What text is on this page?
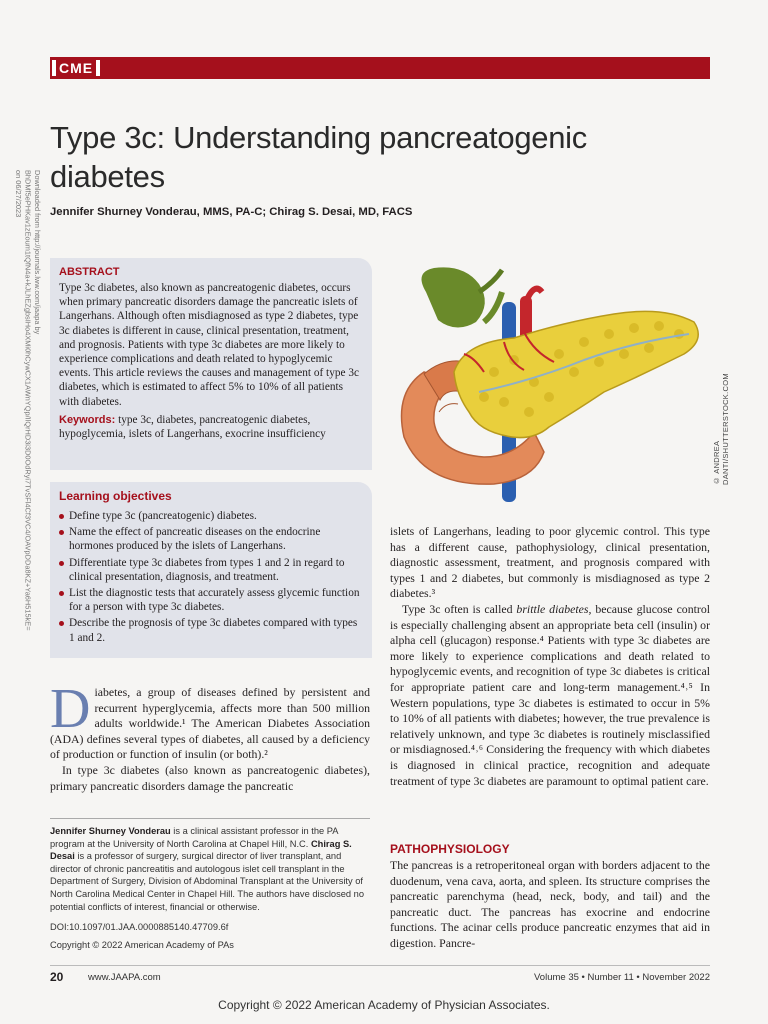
CME
Downloaded from http://journals.lww.com/jaapa by BhDMf5ePHKav1zEoum1tQfN4a+kJLhEZgbsIHo4XMi0hCywCX1AWnYQp/IlQrHD3i3D0OdRyi7TvSFl4Cf3VC4/OAVpDDa8KZ+Ya6H515kE= on 06/27/2023
Type 3c: Understanding pancreatogenic diabetes
Jennifer Shurney Vonderau, MMS, PA-C; Chirag S. Desai, MD, FACS
ABSTRACT
Type 3c diabetes, also known as pancreatogenic diabetes, occurs when primary pancreatic disorders damage the pancreatic islets of Langerhans. Although often misdiagnosed as type 2 diabetes, type 3c diabetes is different in cause, clinical presentation, treatment, and prognosis. Patients with type 3c diabetes are more likely to experience complications and death related to hypoglycemic events. This article reviews the causes and management of type 3c diabetes, which is estimated to affect 5% to 10% of all patients with diabetes.
Keywords: type 3c, diabetes, pancreatogenic diabetes, hypoglycemia, islets of Langerhans, exocrine insufficiency
Learning objectives
Define type 3c (pancreatogenic) diabetes.
Name the effect of pancreatic diseases on the endocrine hormones produced by the islets of Langerhans.
Differentiate type 3c diabetes from types 1 and 2 in regard to clinical presentation, diagnosis, and treatment.
List the diagnostic tests that accurately assess glycemic function for a person with type 3c diabetes.
Describe the prognosis of type 3c diabetes compared with types 1 and 2.
© ANDREA DANTI/SHUTTERSTOCK.COM

Diabetes, a group of diseases defined by persistent and recurrent hyperglycemia, affects more than 500 million adults worldwide.¹ The American Diabetes Association (ADA) defines several types of diabetes, all caused by a deficiency of production or function of insulin (or both).²

In type 3c diabetes (also known as pancreatogenic diabetes), primary pancreatic disorders damage the pancreatic

Jennifer Shurney Vonderau is a clinical assistant professor in the PA program at the University of North Carolina at Chapel Hill, N.C. Chirag S. Desai is a professor of surgery, surgical director of liver transplant, and director of chronic pancreatitis and autologous islet cell transplant in the Department of Surgery, Division of Abdominal Transplant at the University of North Carolina Medical Center in Chapel Hill. The authors have disclosed no potential conflicts of interest, financial or otherwise.
DOI:10.1097/01.JAA.0000885140.47709.6f
Copyright © 2022 American Academy of PAs

islets of Langerhans, leading to poor glycemic control. This type has a different cause, pathophysiology, clinical presentation, diagnostic assessment, treatment, and prognosis compared with types 1 and 2 diabetes, but commonly is misdiagnosed as type 2 diabetes.³

Type 3c often is called brittle diabetes, because glucose control is especially challenging absent an appropriate beta cell (insulin) or alpha cell (glucagon) response.⁴ Patients with type 3c diabetes are more likely to experience complications and death related to hypoglycemic events, and recognition of type 3c diabetes is critical for appropriate patient care and long-term management.⁴˒⁵ In Western populations, type 3c diabetes is estimated to occur in 5% to 10% of all patients with diabetes; however, the true prevalence is relatively unknown, and type 3c diabetes is routinely misclassified or misdiagnosed.⁴˒⁶ Considering the frequency with which diabetes is diagnosed in clinical practice, recognition and adequate treatment of type 3c diabetes are paramount to optimal patient care.

PATHOPHYSIOLOGY
The pancreas is a retroperitoneal organ with borders adjacent to the duodenum, vena cava, aorta, and spleen. Its structure comprises the pancreatic parenchyma (head, neck, body, and tail) and the pancreatic duct. The pancreas has exocrine and endocrine functions. The acinar cells produce pancreatic enzymes that aid in digestion. Pancre-
20	www.JAAPA.com	Volume 35 • Number 11 • November 2022
Copyright © 2022 American Academy of Physician Associates.
